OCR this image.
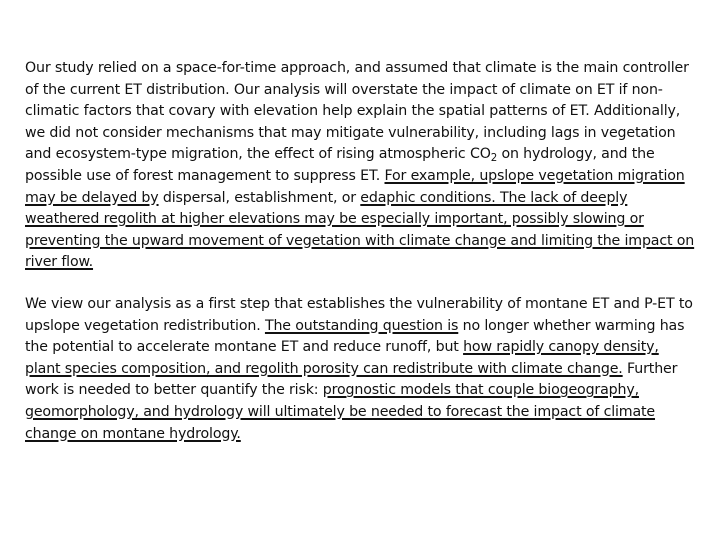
Our study relied on a space-for-time approach, and assumed that climate is the main controller of the current ET distribution. Our analysis will overstate the impact of climate on ET if non-climatic factors that covary with elevation help explain the spatial patterns of ET. Additionally, we did not consider mechanisms that may mitigate vulnerability, including lags in vegetation and ecosystem-type migration, the effect of rising atmospheric $CO_2$ on hydrology, and the possible use of forest management to suppress ET. For example, upslope vegetation migration may be delayed by dispersal, establishment, or edaphic conditions. The lack of deeply weathered regolith at higher elevations may be especially important, possibly slowing or preventing the upward movement of vegetation with climate change and limiting the impact on river flow.

We view our analysis as a first step that establishes the vulnerability of montane ET and P-ET to upslope vegetation redistribution. The outstanding question is no longer whether warming has the potential to accelerate montane ET and reduce runoff, but how rapidly canopy density, plant species composition, and regolith porosity can redistribute with climate change. Further work is needed to better quantify the risk: prognostic models that couple biogeography, geomorphology, and hydrology will ultimately be needed to forecast the impact of climate change on montane hydrology.
